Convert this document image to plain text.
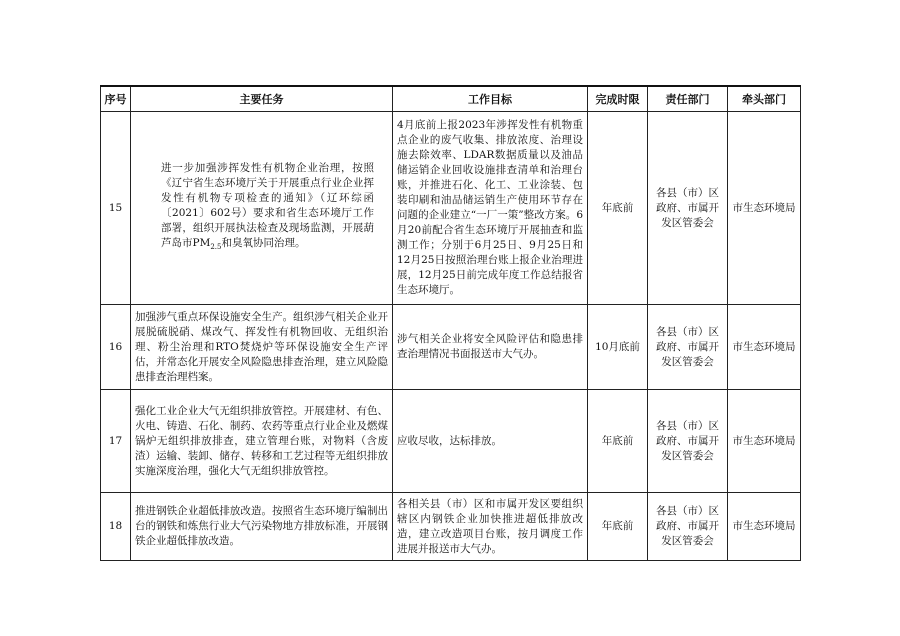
序号	主要任务	工作目标	完成时限	责任部门	牵头部门
15	进一步加强涉挥发性有机物企业治理，按照《辽宁省生态环境厅关于开展重点行业企业挥发性有机物专项检查的通知》（辽环综函〔2021〕602号）要求和省生态环境厅工作部署，组织开展执法检查及现场监测，开展葫芦岛市$PM_{2.5}$和臭氧协同治理。	4月底前上报2023年涉挥发性有机物重点企业的废气收集、排放浓度、治理设施去除效率、LDAR数据质量以及油品储运销企业回收设施排查清单和治理台账，并推进石化、化工、工业涂装、包装印刷和油品储运销生产使用环节存在问题的企业建立“一厂一策”整改方案。6月20前配合省生态环境厅开展抽查和监测工作；分别于6月25日、9月25日和12月25日按照治理台账上报企业治理进展，12月25日前完成年度工作总结报省生态环境厅。	年底前	各县（市）区政府、市属开发区管委会	市生态环境局
16	加强涉气重点环保设施安全生产。组织涉气相关企业开展脱硫脱硝、煤改气、挥发性有机物回收、无组织治理、粉尘治理和RTO焚烧炉等环保设施安全生产评估，并常态化开展安全风险隐患排查治理，建立风险隐患排查治理档案。	涉气相关企业将安全风险评估和隐患排查治理情况书面报送市大气办。	10月底前	各县（市）区政府、市属开发区管委会	市生态环境局
17	强化工业企业大气无组织排放管控。开展建材、有色、火电、铸造、石化、制药、农药等重点行业企业及燃煤锅炉无组织排放排查，建立管理台账，对物料（含废渣）运输、装卸、储存、转移和工艺过程等无组织排放实施深度治理，强化大气无组织排放管控。	应收尽收，达标排放。	年底前	各县（市）区政府、市属开发区管委会	市生态环境局
18	推进钢铁企业超低排放改造。按照省生态环境厅编制出台的钢铁和炼焦行业大气污染物地方排放标准，开展钢铁企业超低排放改造。	各相关县（市）区和市属开发区要组织辖区内钢铁企业加快推进超低排放改造，建立改造项目台账，按月调度工作进展并报送市大气办。	年底前	各县（市）区政府、市属开发区管委会	市生态环境局
